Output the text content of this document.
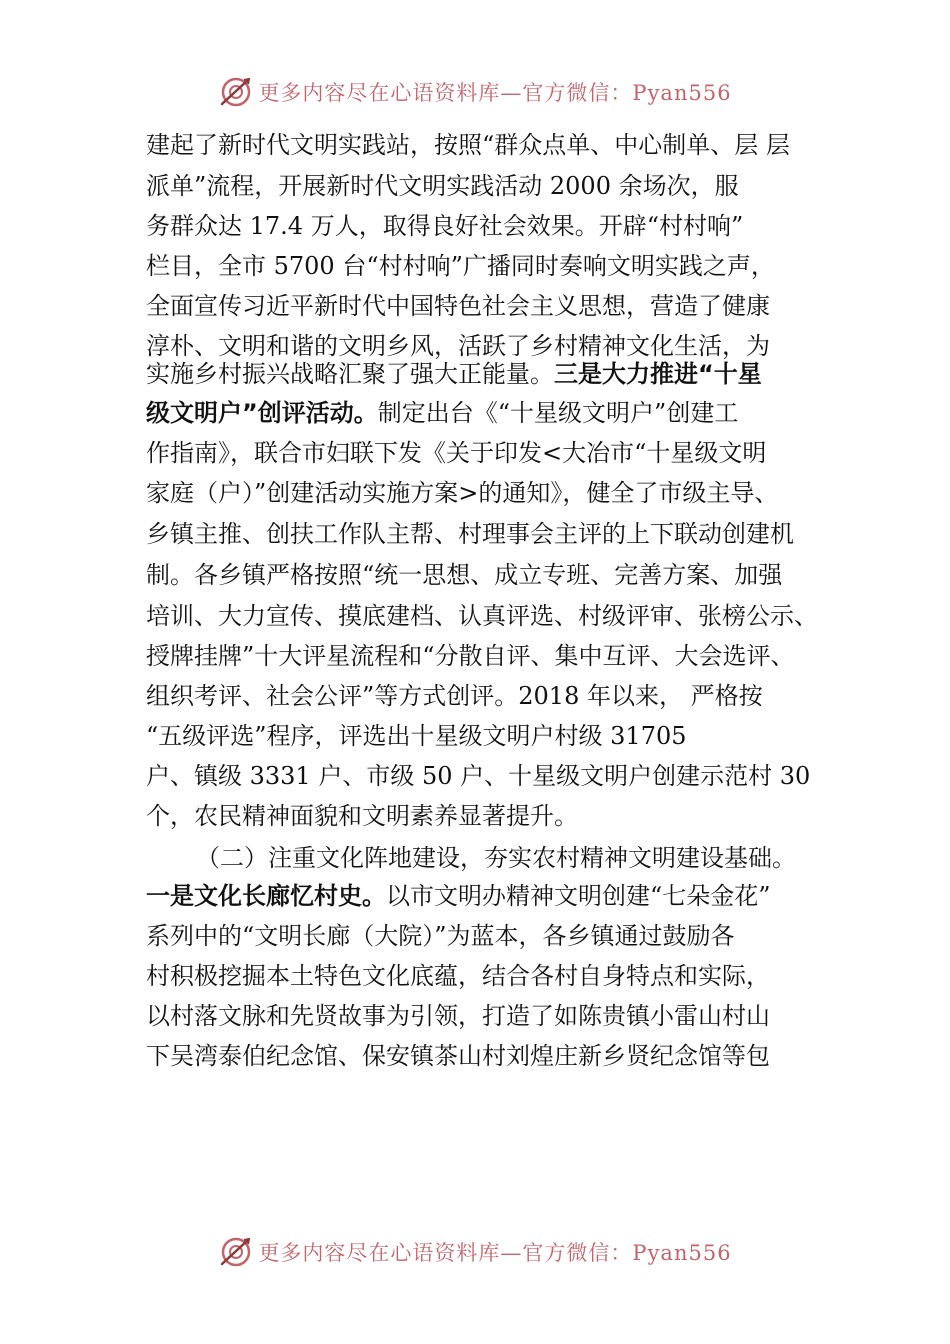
更多内容尽在心语资料库—官方微信：Pyan556
建起了新时代文明实践站，按照“群众点单、中心制单、层 层
派单”流程，开展新时代文明实践活动 2000 余场次，服
务群众达 17.4 万人，取得良好社会效果。开辟“村村响”
栏目，全市 5700 台“村村响”广播同时奏响文明实践之声，
全面宣传习近平新时代中国特色社会主义思想，营造了健康
淳朴、文明和谐的文明乡风，活跃了乡村精神文化生活，为
实施乡村振兴战略汇聚了强大正能量。三是大力推进“十星
级文明户”创评活动。制定出台《“十星级文明户”创建工
作指南》，联合市妇联下发《关于印发<大冶市“十星级文明
家庭（户）”创建活动实施方案>的通知》，健全了市级主导、
乡镇主推、创扶工作队主帮、村理事会主评的上下联动创建机
制。各乡镇严格按照“统一思想、成立专班、完善方案、加强
培训、大力宣传、摸底建档、认真评选、村级评审、张榜公示、
授牌挂牌”十大评星流程和“分散自评、集中互评、大会选评、
组织考评、社会公评”等方式创评。2018 年以来， 严格按
“五级评选”程序，评选出十星级文明户村级 31705
户、镇级 3331 户、市级 50 户、十星级文明户创建示范村 30
个，农民精神面貌和文明素养显著提升。
（二）注重文化阵地建设，夯实农村精神文明建设基础。
一是文化长廊忆村史。以市文明办精神文明创建“七朵金花”
系列中的“文明长廊（大院）”为蓝本，各乡镇通过鼓励各
村积极挖掘本土特色文化底蕴，结合各村自身特点和实际，
以村落文脉和先贤故事为引领，打造了如陈贵镇小雷山村山
下吴湾泰伯纪念馆、保安镇茶山村刘煌庄新乡贤纪念馆等包
更多内容尽在心语资料库—官方微信：Pyan556
